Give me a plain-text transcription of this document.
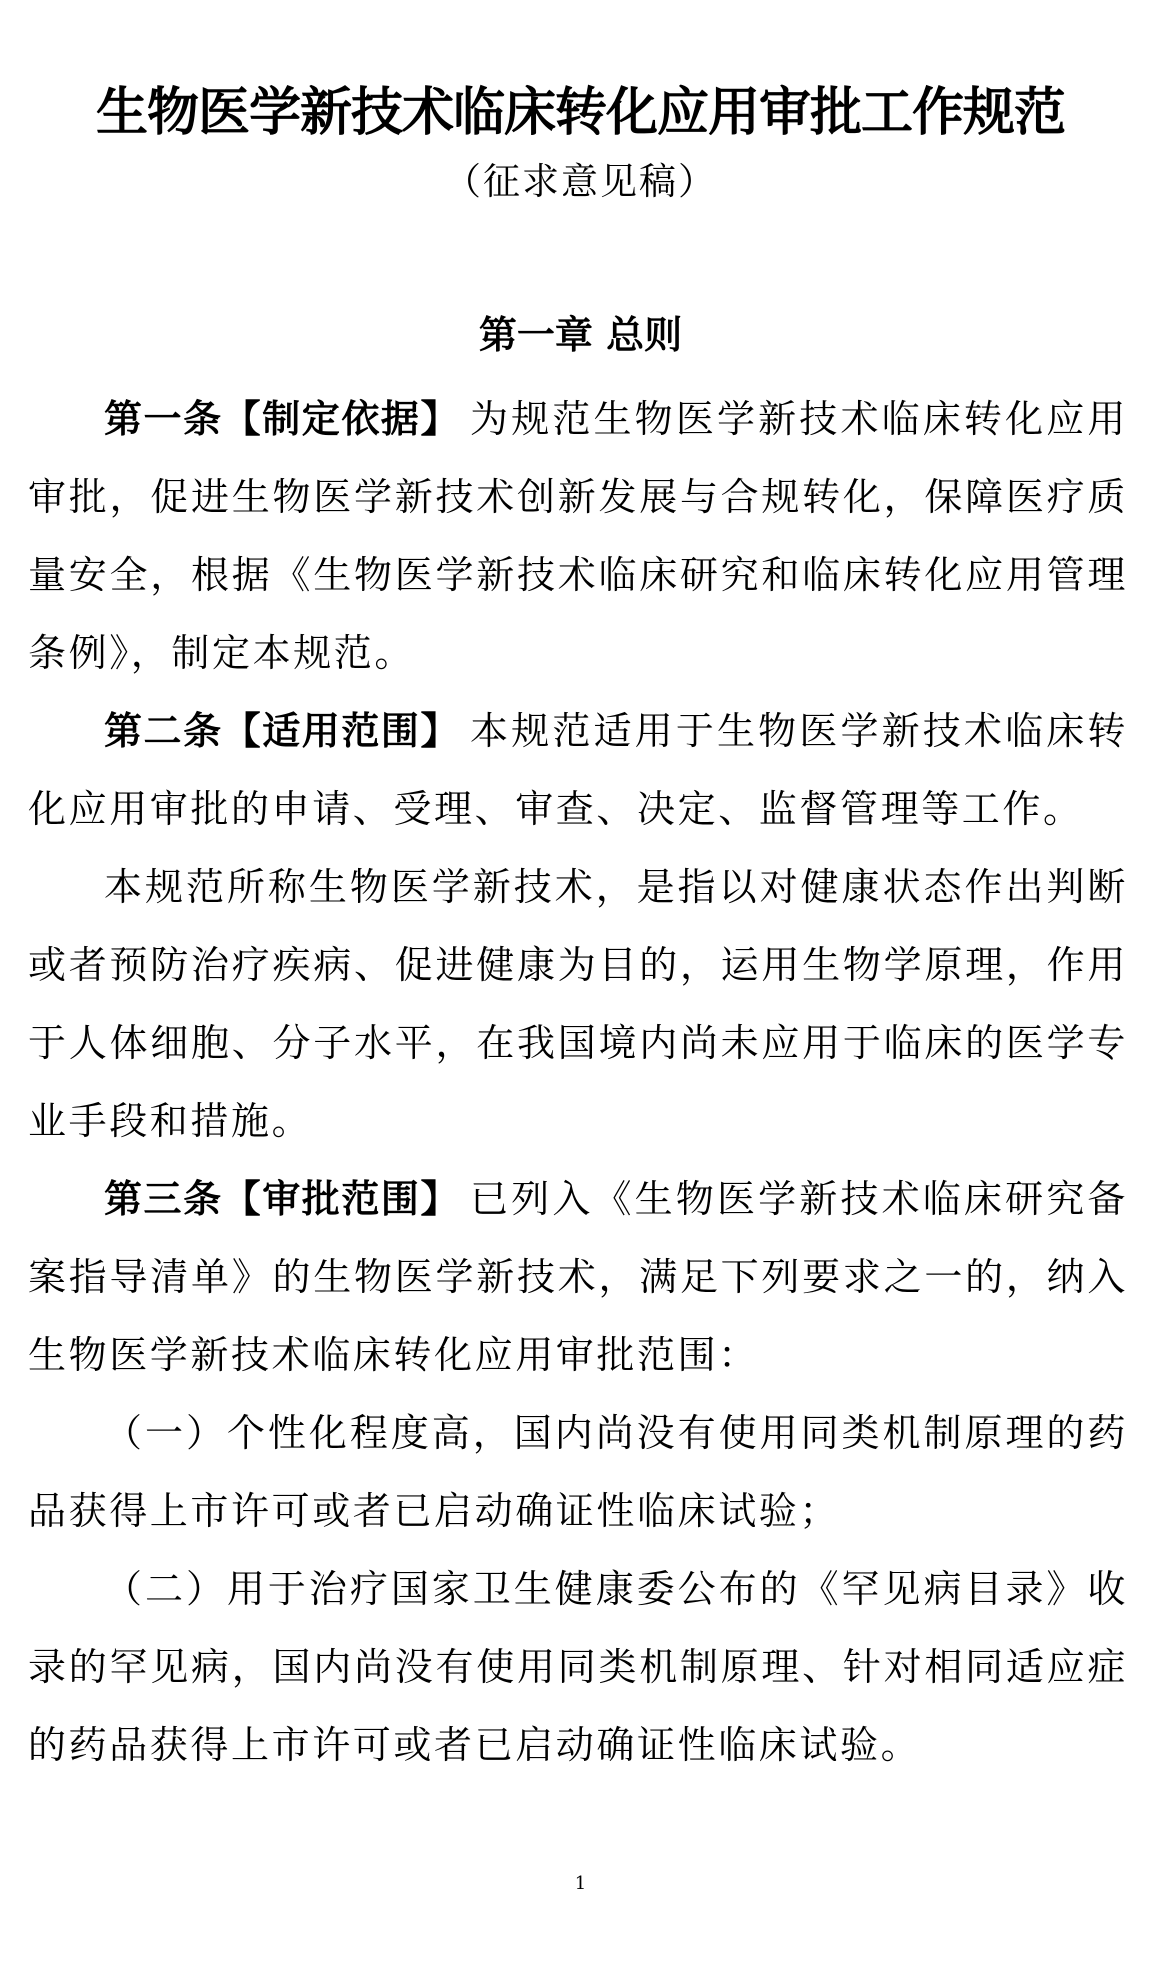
生物医学新技术临床转化应用审批工作规范
（征求意见稿）
第一章 总则

第一条【制定依据】 为规范生物医学新技术临床转化应用审批，促进生物医学新技术创新发展与合规转化，保障医疗质量安全，根据《生物医学新技术临床研究和临床转化应用管理条例》，制定本规范。

第二条【适用范围】 本规范适用于生物医学新技术临床转化应用审批的申请、受理、审查、决定、监督管理等工作。

本规范所称生物医学新技术，是指以对健康状态作出判断或者预防治疗疾病、促进健康为目的，运用生物学原理，作用于人体细胞、分子水平，在我国境内尚未应用于临床的医学专业手段和措施。

第三条【审批范围】 已列入《生物医学新技术临床研究备案指导清单》的生物医学新技术，满足下列要求之一的，纳入生物医学新技术临床转化应用审批范围：

（一）个性化程度高，国内尚没有使用同类机制原理的药品获得上市许可或者已启动确证性临床试验；

（二）用于治疗国家卫生健康委公布的《罕见病目录》收录的罕见病，国内尚没有使用同类机制原理、针对相同适应症的药品获得上市许可或者已启动确证性临床试验。

1
